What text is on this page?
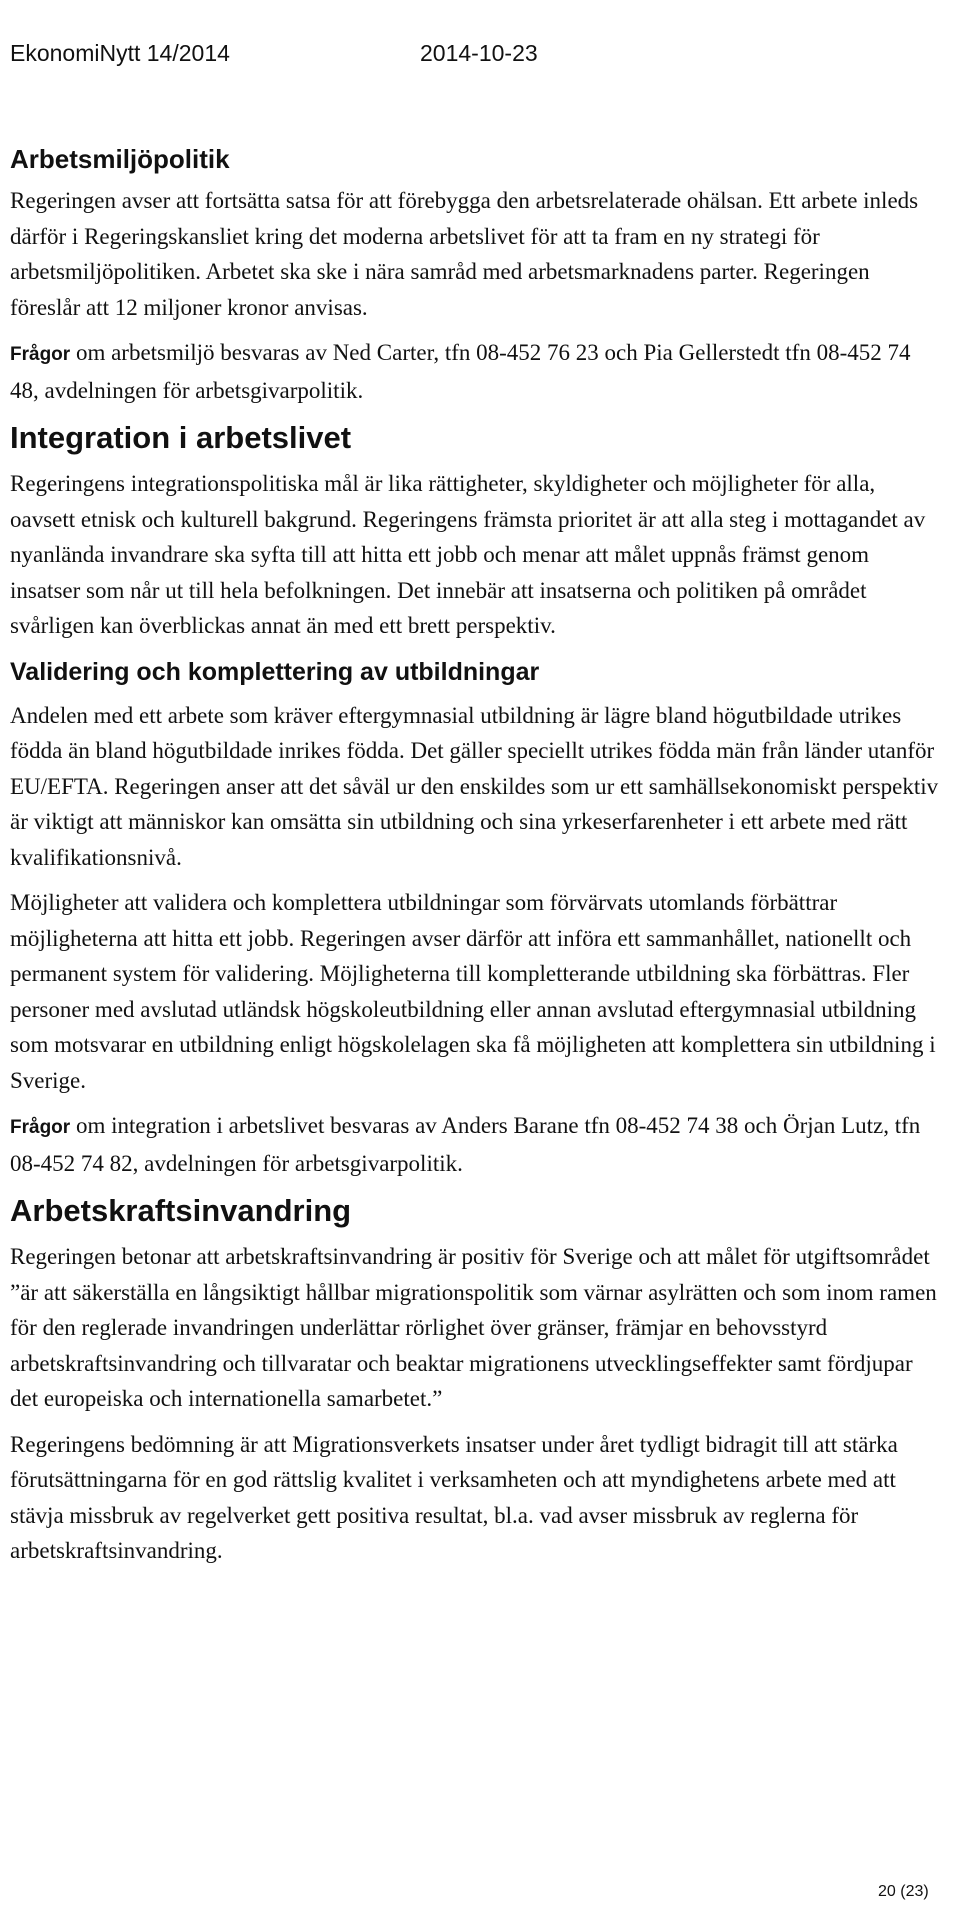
EkonomiNytt 14/2014	2014-10-23
Arbetsmiljöpolitik

Regeringen avser att fortsätta satsa för att förebygga den arbetsrelaterade ohälsan. Ett arbete inleds därför i Regeringskansliet kring det moderna arbetslivet för att ta fram en ny strategi för arbetsmiljöpolitiken. Arbetet ska ske i nära samråd med arbetsmarknadens parter. Regeringen föreslår att 12 miljoner kronor anvisas.

Frågor om arbetsmiljö besvaras av Ned Carter, tfn 08-452 76 23 och Pia Gellerstedt tfn 08-452 74 48, avdelningen för arbetsgivarpolitik.

Integration i arbetslivet

Regeringens integrationspolitiska mål är lika rättigheter, skyldigheter och möjligheter för alla, oavsett etnisk och kulturell bakgrund. Regeringens främsta prioritet är att alla steg i mottagandet av nyanlända invandrare ska syfta till att hitta ett jobb och menar att målet uppnås främst genom insatser som når ut till hela befolkningen. Det innebär att insatserna och politiken på området svårligen kan överblickas annat än med ett brett perspektiv.

Validering och komplettering av utbildningar

Andelen med ett arbete som kräver eftergymnasial utbildning är lägre bland högutbildade utrikes födda än bland högutbildade inrikes födda. Det gäller speciellt utrikes födda män från länder utanför EU/EFTA. Regeringen anser att det såväl ur den enskildes som ur ett samhällsekonomiskt perspektiv är viktigt att människor kan omsätta sin utbildning och sina yrkeserfarenheter i ett arbete med rätt kvalifikationsnivå.

Möjligheter att validera och komplettera utbildningar som förvärvats utomlands förbättrar möjligheterna att hitta ett jobb. Regeringen avser därför att införa ett sammanhållet, nationellt och permanent system för validering. Möjligheterna till kompletterande utbildning ska förbättras. Fler personer med avslutad utländsk högskoleutbildning eller annan avslutad eftergymnasial utbildning som motsvarar en utbildning enligt högskolelagen ska få möjligheten att komplettera sin utbildning i Sverige.

Frågor om integration i arbetslivet besvaras av Anders Barane tfn 08-452 74 38 och Örjan Lutz, tfn 08-452 74 82, avdelningen för arbetsgivarpolitik.

Arbetskraftsinvandring

Regeringen betonar att arbetskraftsinvandring är positiv för Sverige och att målet för utgiftsområdet ”är att säkerställa en långsiktigt hållbar migrationspolitik som värnar asylrätten och som inom ramen för den reglerade invandringen underlättar rörlighet över gränser, främjar en behovsstyrd arbetskraftsinvandring och tillvaratar och beaktar migrationens utvecklingseffekter samt fördjupar det europeiska och internationella samarbetet.”

Regeringens bedömning är att Migrationsverkets insatser under året tydligt bidragit till att stärka förutsättningarna för en god rättslig kvalitet i verksamheten och att myndighetens arbete med att stävja missbruk av regelverket gett positiva resultat, bl.a. vad avser missbruk av reglerna för arbetskraftsinvandring.

20 (23)
